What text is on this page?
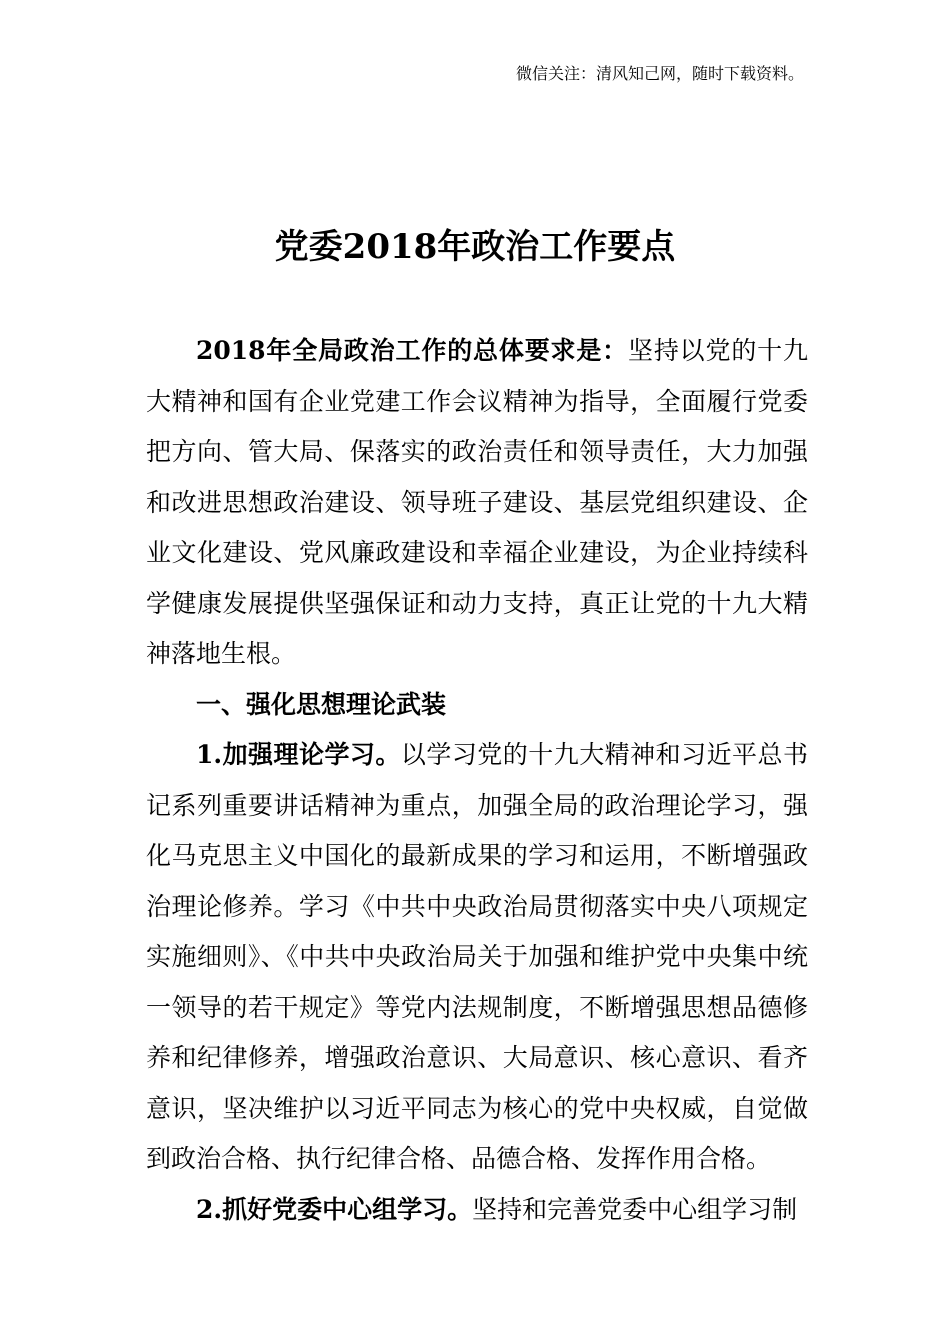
微信关注：清风知己网，随时下载资料。
党委2018年政治工作要点

2018年全局政治工作的总体要求是：坚持以党的十九大精神和国有企业党建工作会议精神为指导，全面履行党委把方向、管大局、保落实的政治责任和领导责任，大力加强和改进思想政治建设、领导班子建设、基层党组织建设、企业文化建设、党风廉政建设和幸福企业建设，为企业持续科学健康发展提供坚强保证和动力支持，真正让党的十九大精神落地生根。

一、强化思想理论武装

1.加强理论学习。以学习党的十九大精神和习近平总书记系列重要讲话精神为重点，加强全局的政治理论学习，强化马克思主义中国化的最新成果的学习和运用，不断增强政治理论修养。学习《中共中央政治局贯彻落实中央八项规定实施细则》、《中共中央政治局关于加强和维护党中央集中统一领导的若干规定》等党内法规制度，不断增强思想品德修养和纪律修养，增强政治意识、大局意识、核心意识、看齐意识，坚决维护以习近平同志为核心的党中央权威，自觉做到政治合格、执行纪律合格、品德合格、发挥作用合格。

2.抓好党委中心组学习。坚持和完善党委中心组学习制
